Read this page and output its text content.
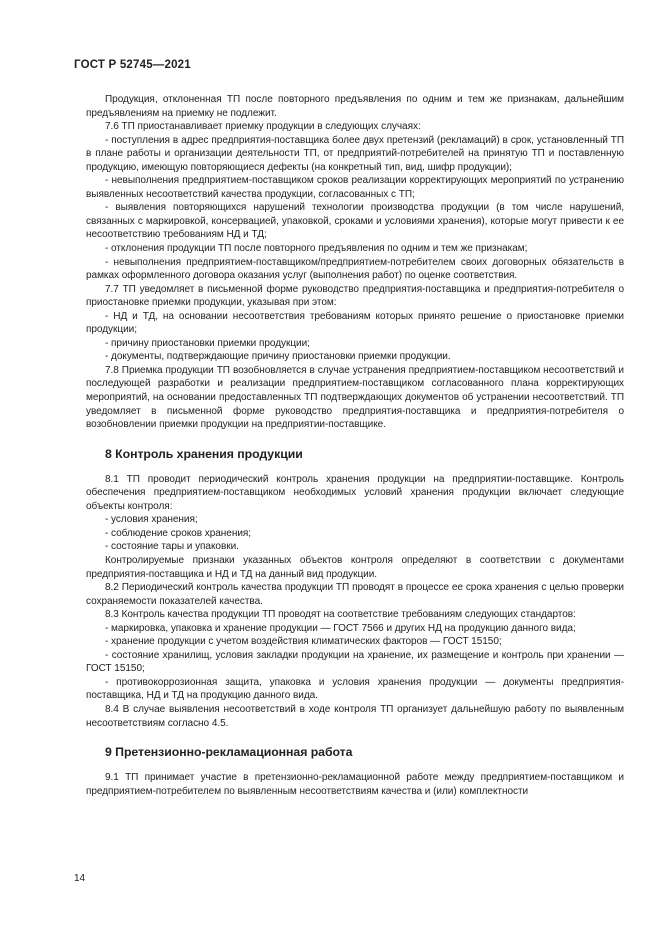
ГОСТ Р 52745—2021

Продукция, отклоненная ТП после повторного предъявления по одним и тем же признакам, дальнейшим предъявлениям на приемку не подлежит.

7.6 ТП приостанавливает приемку продукции в следующих случаях:

- поступления в адрес предприятия-поставщика более двух претензий (рекламаций) в срок, установленный ТП в плане работы и организации деятельности ТП, от предприятий-потребителей на принятую ТП и поставленную продукцию, имеющую повторяющиеся дефекты (на конкретный тип, вид, шифр продукции);

- невыполнения предприятием-поставщиком сроков реализации корректирующих мероприятий по устранению выявленных несоответствий качества продукции, согласованных с ТП;

- выявления повторяющихся нарушений технологии производства продукции (в том числе нарушений, связанных с маркировкой, консервацией, упаковкой, сроками и условиями хранения), которые могут привести к ее несоответствию требованиям НД и ТД;

- отклонения продукции ТП после повторного предъявления по одним и тем же признакам;

- невыполнения предприятием-поставщиком/предприятием-потребителем своих договорных обязательств в рамках оформленного договора оказания услуг (выполнения работ) по оценке соответствия.

7.7 ТП уведомляет в письменной форме руководство предприятия-поставщика и предприятия-потребителя о приостановке приемки продукции, указывая при этом:

- НД и ТД, на основании несоответствия требованиям которых принято решение о приостановке приемки продукции;

- причину приостановки приемки продукции;

- документы, подтверждающие причину приостановки приемки продукции.

7.8 Приемка продукции ТП возобновляется в случае устранения предприятием-поставщиком несоответствий и последующей разработки и реализации предприятием-поставщиком согласованного плана корректирующих мероприятий, на основании предоставленных ТП подтверждающих документов об устранении несоответствий. ТП уведомляет в письменной форме руководство предприятия-поставщика и предприятия-потребителя о возобновлении приемки продукции на предприятии-поставщике.

8 Контроль хранения продукции

8.1 ТП проводит периодический контроль хранения продукции на предприятии-поставщике. Контроль обеспечения предприятием-поставщиком необходимых условий хранения продукции включает следующие объекты контроля:

- условия хранения;

- соблюдение сроков хранения;

- состояние тары и упаковки.

Контролируемые признаки указанных объектов контроля определяют в соответствии с документами предприятия-поставщика и НД и ТД на данный вид продукции.

8.2 Периодический контроль качества продукции ТП проводят в процессе ее срока хранения с целью проверки сохраняемости показателей качества.

8.3 Контроль качества продукции ТП проводят на соответствие требованиям следующих стандартов:

- маркировка, упаковка и хранение продукции — ГОСТ 7566 и других НД на продукцию данного вида;

- хранение продукции с учетом воздействия климатических факторов — ГОСТ 15150;

- состояние хранилищ, условия закладки продукции на хранение, их размещение и контроль при хранении — ГОСТ 15150;

- противокоррозионная защита, упаковка и условия хранения продукции — документы предприятия-поставщика, НД и ТД на продукцию данного вида.

8.4 В случае выявления несоответствий в ходе контроля ТП организует дальнейшую работу по выявленным несоответствиям согласно 4.5.

9 Претензионно-рекламационная работа

9.1 ТП принимает участие в претензионно-рекламационной работе между предприятием-поставщиком и предприятием-потребителем по выявленным несоответствиям качества и (или) комплектности

14
